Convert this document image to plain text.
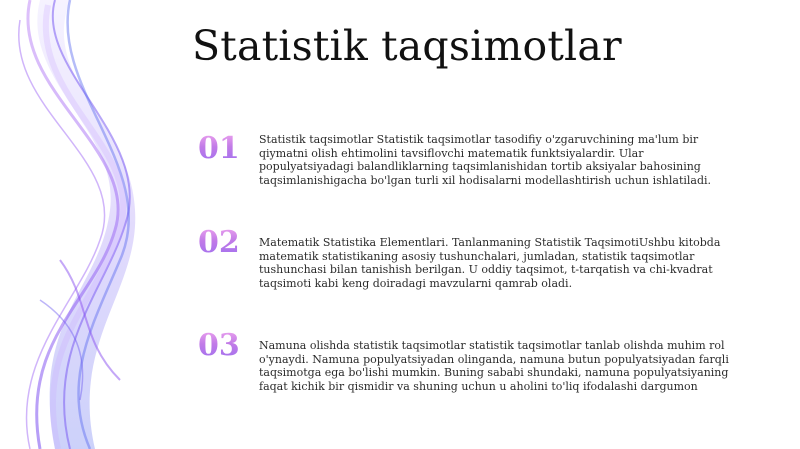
Statistik taqsimotlar
01	Statistik taqsimotlar Statistik taqsimotlar tasodifiy o'zgaruvchining ma'lum bir qiymatni olish ehtimolini tavsiflovchi matematik funktsiyalardir. Ular populyatsiyadagi balandliklarning taqsimlanishidan tortib aksiyalar bahosining taqsimlanishigacha bo'lgan turli xil hodisalarni modellashtirish uchun ishlatiladi.
02	Matematik Statistika Elementlari. Tanlanmaning Statistik TaqsimotiUshbu kitobda matematik statistikaning asosiy tushunchalari, jumladan, statistik taqsimotlar tushunchasi bilan tanishish berilgan. U oddiy taqsimot, t-tarqatish va chi-kvadrat taqsimoti kabi keng doiradagi mavzularni qamrab oladi.
03	Namuna olishda statistik taqsimotlar statistik taqsimotlar tanlab olishda muhim rol o'ynaydi. Namuna populyatsiyadan olinganda, namuna butun populyatsiyadan farqli taqsimotga ega bo'lishi mumkin. Buning sababi shundaki, namuna populyatsiyaning faqat kichik bir qismidir va shuning uchun u aholini to'liq ifodalashi dargumon
